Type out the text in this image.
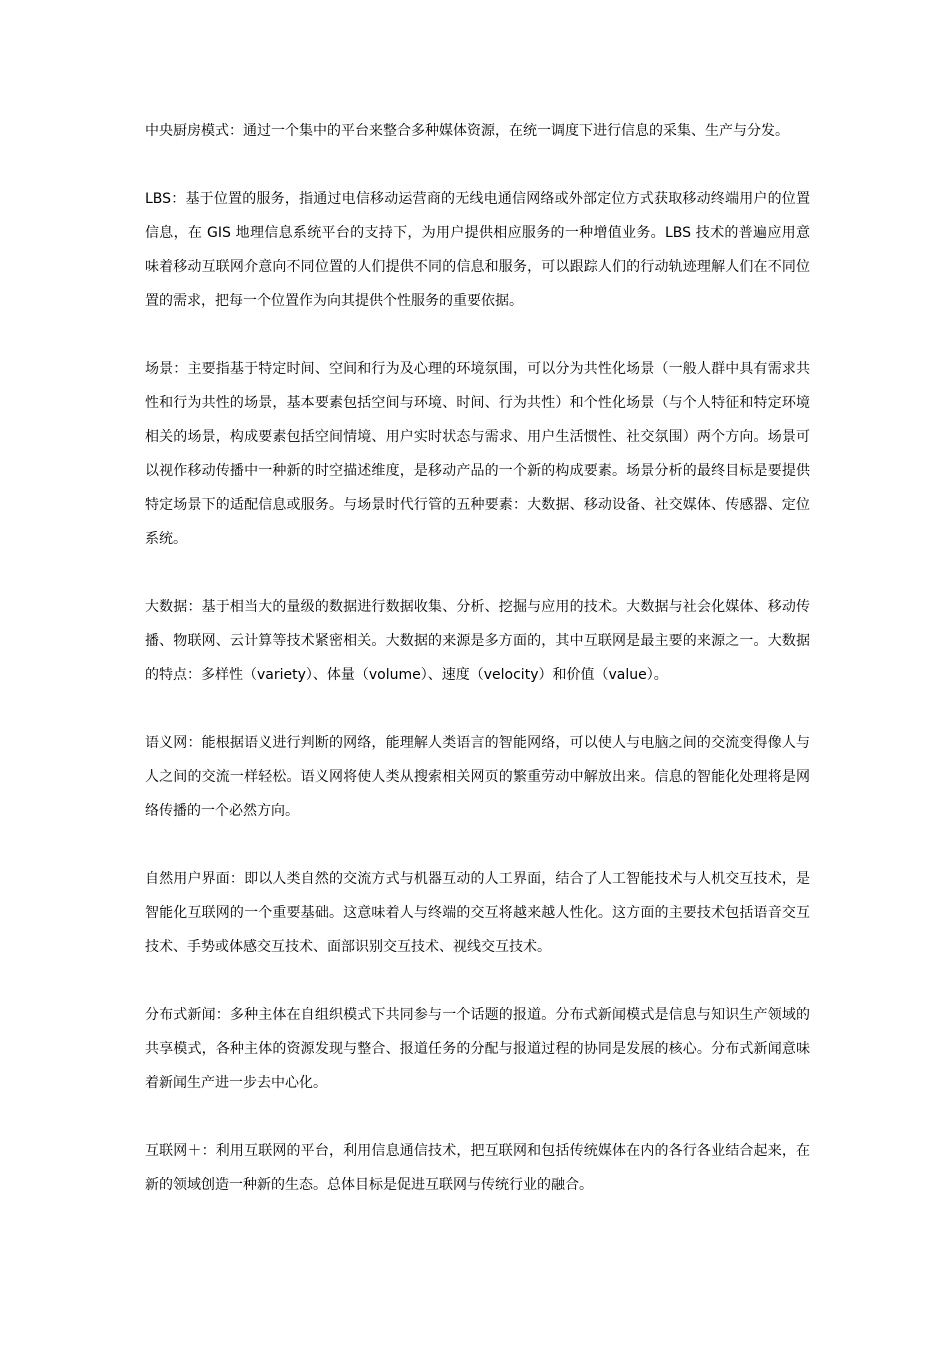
中央厨房模式：通过一个集中的平台来整合多种媒体资源，在统一调度下进行信息的采集、生产与分发。

LBS：基于位置的服务，指通过电信移动运营商的无线电通信网络或外部定位方式获取移动终端用户的位置信息，在 GIS 地理信息系统平台的支持下，为用户提供相应服务的一种增值业务。LBS 技术的普遍应用意味着移动互联网介意向不同位置的人们提供不同的信息和服务，可以跟踪人们的行动轨迹理解人们在不同位置的需求，把每一个位置作为向其提供个性服务的重要依据。

场景：主要指基于特定时间、空间和行为及心理的环境氛围，可以分为共性化场景（一般人群中具有需求共性和行为共性的场景，基本要素包括空间与环境、时间、行为共性）和个性化场景（与个人特征和特定环境相关的场景，构成要素包括空间情境、用户实时状态与需求、用户生活惯性、社交氛围）两个方向。场景可以视作移动传播中一种新的时空描述维度，是移动产品的一个新的构成要素。场景分析的最终目标是要提供特定场景下的适配信息或服务。与场景时代行管的五种要素：大数据、移动设备、社交媒体、传感器、定位系统。

大数据：基于相当大的量级的数据进行数据收集、分析、挖掘与应用的技术。大数据与社会化媒体、移动传播、物联网、云计算等技术紧密相关。大数据的来源是多方面的，其中互联网是最主要的来源之一。大数据的特点：多样性（variety）、体量（volume）、速度（velocity）和价值（value）。

语义网：能根据语义进行判断的网络，能理解人类语言的智能网络，可以使人与电脑之间的交流变得像人与人之间的交流一样轻松。语义网将使人类从搜索相关网页的繁重劳动中解放出来。信息的智能化处理将是网络传播的一个必然方向。

自然用户界面：即以人类自然的交流方式与机器互动的人工界面，结合了人工智能技术与人机交互技术，是智能化互联网的一个重要基础。这意味着人与终端的交互将越来越人性化。这方面的主要技术包括语音交互技术、手势或体感交互技术、面部识别交互技术、视线交互技术。

分布式新闻：多种主体在自组织模式下共同参与一个话题的报道。分布式新闻模式是信息与知识生产领域的共享模式，各种主体的资源发现与整合、报道任务的分配与报道过程的协同是发展的核心。分布式新闻意味着新闻生产进一步去中心化。

互联网＋：利用互联网的平台，利用信息通信技术，把互联网和包括传统媒体在内的各行各业结合起来，在新的领域创造一种新的生态。总体目标是促进互联网与传统行业的融合。
